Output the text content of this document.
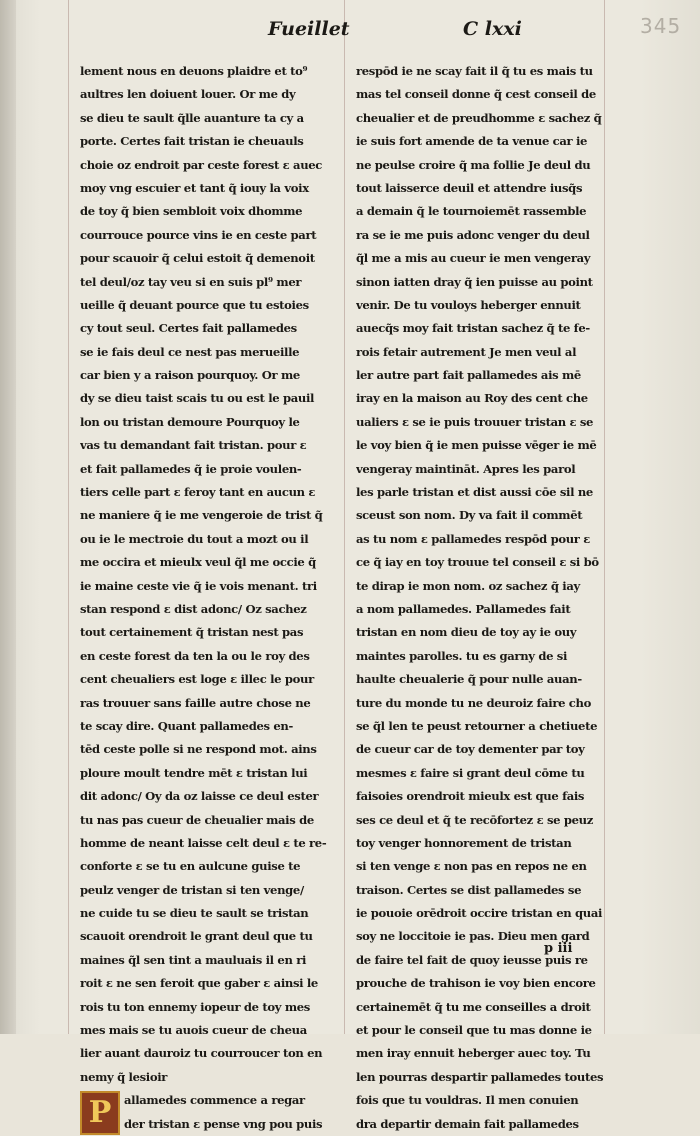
Fueillet	C lxxi	345
lement nous en deuons plaidre et to⁹
aultres len doiuent louer. Or me dy
se dieu te sault q̃lle auanture ta cy a
porte. Certes fait tristan ie cheuauls
choie oz endroit par ceste forest ɛ auec
moy vng escuier et tant q̃ iouy la voix
de toy q̃ bien sembloit voix dhomme
courrouce pource vins ie en ceste part
pour scauoir q̃ celui estoit q̃ demenoit
tel deul/oz tay veu si en suis pl⁹ mer
ueille q̃ deuant pource que tu estoies
cy tout seul. Certes fait pallamedes
se ie fais deul ce nest pas merueille
car bien y a raison pourquoy. Or me
dy se dieu taist scais tu ou est le pauil
lon ou tristan demoure Pourquoy le
vas tu demandant fait tristan. pour ɛ
et fait pallamedes q̃ ie proie voulen-
tiers celle part ɛ feroy tant en aucun ɛ
ne maniere q̃ ie me vengeroie de trist q̃
ou ie le mectroie du tout a mozt ou il
me occira et mieulx veul q̃l me occie q̃
ie maine ceste vie q̃ ie vois menant. tri
stan respond ɛ dist adonc/ Oz sachez
tout certainement q̃ tristan nest pas
en ceste forest da ten la ou le roy des
cent cheualiers est loge ɛ illec le pour
ras trouuer sans faille autre chose ne
te scay dire. Quant pallamedes en-
tēd ceste polle si ne respond mot. ains
ploure moult tendre mēt ɛ tristan lui
dit adonc/ Oy da oz laisse ce deul ester
tu nas pas cueur de cheualier mais de
homme de neant laisse celt deul ɛ te re-
conforte ɛ se tu en aulcune guise te
peulz venger de tristan si ten venge/
ne cuide tu se dieu te sault se tristan
scauoit orendroit le grant deul que tu
maines q̃l sen tint a mauluais il en ri
roit ɛ ne sen feroit que gaber ɛ ainsi le
rois tu ton ennemy iopeur de toy mes
mes mais se tu auois cueur de cheua
lier auant dauroiz tu courroucer ton en
nemy q̃ lesioir
P	allamedes commence a regar
der tristan ɛ pense vng pou puis
respōd ie ne scay fait il q̃ tu es mais tu
mas tel conseil donne q̃ cest conseil de
cheualier et de preudhomme ɛ sachez q̃
ie suis fort amende de ta venue car ie
ne peulse croire q̃ ma follie Je deul du
tout laisserce deuil et attendre iusq̃s
a demain q̃ le tournoiemēt rassemble
ra se ie me puis adonc venger du deul
q̃l me a mis au cueur ie men vengeray
sinon iatten dray q̃ ien puisse au point
venir. De tu vouloys heberger ennuit
auecq̃s moy fait tristan sachez q̃ te fe-
rois fetair autrement Je men veul al
ler autre part fait pallamedes ais mē
iray en la maison au Roy des cent che
ualiers ɛ se ie puis trouuer tristan ɛ se
le voy bien q̃ ie men puisse vēger ie mē
vengeray maintināt. Apres les parol
les parle tristan et dist aussi cōe sil ne
sceust son nom. Dy va fait il commēt
as tu nom ɛ pallamedes respōd pour ɛ
ce q̃ iay en toy trouue tel conseil ɛ si bō
te dirap ie mon nom. oz sachez q̃ iay
a nom pallamedes. Pallamedes fait
tristan en nom dieu de toy ay ie ouy
maintes parolles. tu es garny de si
haulte cheualerie q̃ pour nulle auan-
ture du monde tu ne deuroiz faire cho
se q̃l len te peust retourner a chetiuete
de cueur car de toy dementer par toy
mesmes ɛ faire si grant deul cōme tu
faisoies orendroit mieulx est que fais
ses ce deul et q̃ te recōfortez ɛ se peuz
toy venger honnorement de tristan
si ten venge ɛ non pas en repos ne en
traison. Certes se dist pallamedes se
ie pouoie orēdroit occire tristan en quai
soy ne loccitoie ie pas. Dieu men gard
de faire tel fait de quoy ieusse puis re
prouche de trahison ie voy bien encore
certainemēt q̃ tu me conseilles a droit
et pour le conseil que tu mas donne ie
men iray ennuit heberger auec toy. Tu
len pourras despartir pallamedes toutes
fois que tu vouldras. Il men conuien
dra departir demain fait pallamedes
p iii
